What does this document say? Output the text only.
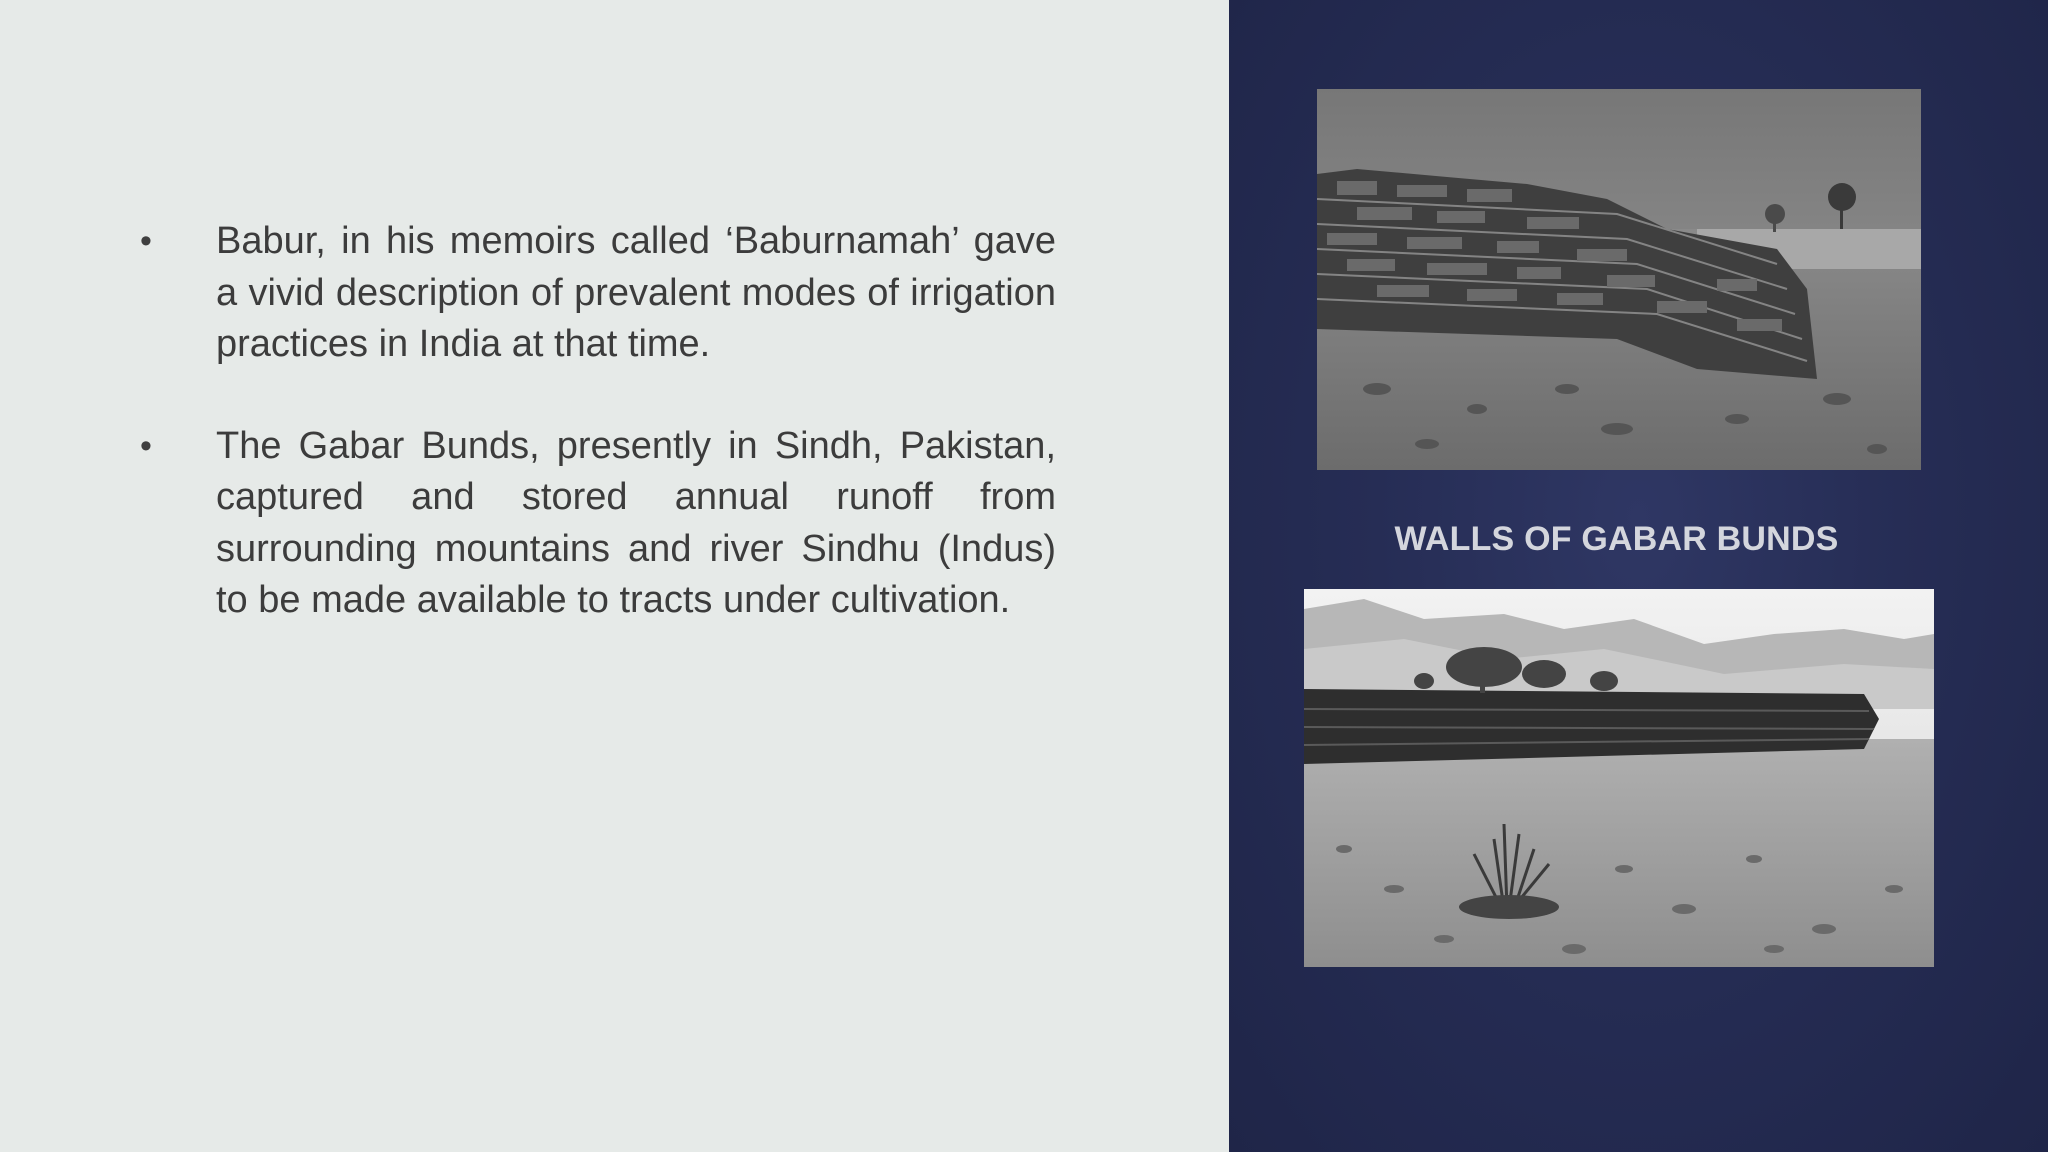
• Babur, in his memoirs called ‘Baburnamah’ gave a vivid description of prevalent modes of irrigation practices in India at that time.
• The Gabar Bunds, presently in Sindh, Pakistan, captured and stored annual runoff from surrounding mountains and river Sindhu (Indus) to be made available to tracts under cultivation.
WALLS OF GABAR BUNDS
